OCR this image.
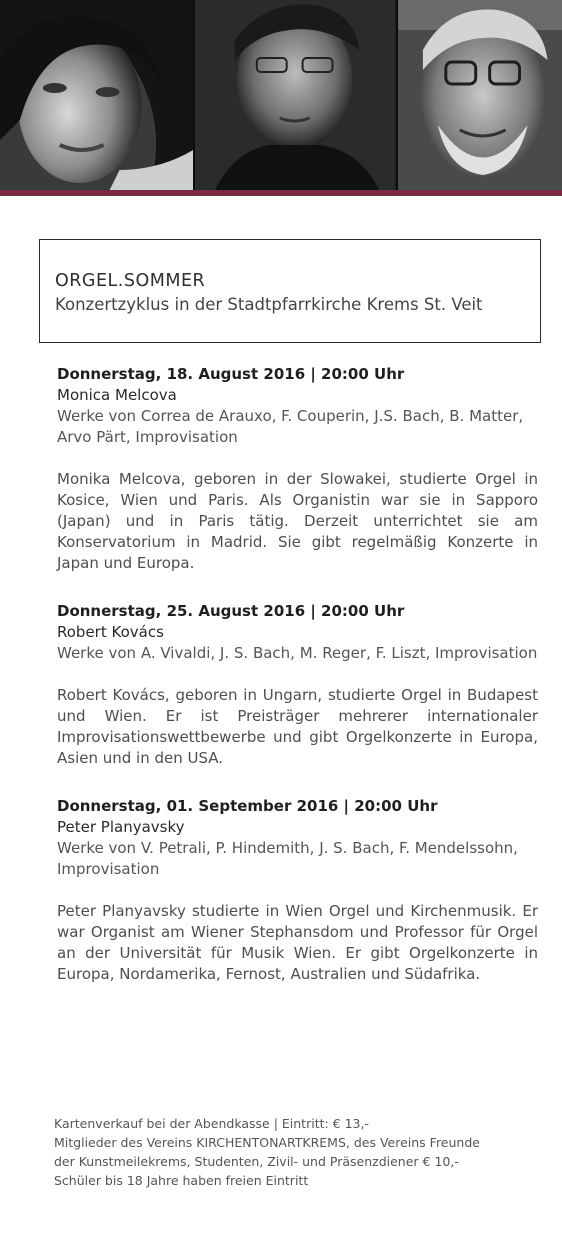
ORGEL.SOMMER
Konzertzyklus in der Stadtpfarrkirche Krems St. Veit
Donnerstag, 18. August 2016 | 20:00 Uhr
Monica Melcova
Werke von Correa de Arauxo, F. Couperin, J.S. Bach, B. Matter, Arvo Pärt, Improvisation
Monika Melcova, geboren in der Slowakei, studierte Orgel in Kosice, Wien und Paris. Als Organistin war sie in Sapporo (Japan) und in Paris tätig. Derzeit unterrichtet sie am Konservatorium in Madrid. Sie gibt regelmäßig Konzerte in Japan und Europa.
Donnerstag, 25. August 2016 | 20:00 Uhr
Robert Kovács
Werke von A. Vivaldi, J. S. Bach, M. Reger, F. Liszt, Improvisation
Robert Kovács, geboren in Ungarn, studierte Orgel in Budapest und Wien. Er ist Preisträger mehrerer internationaler Improvisationswettbewerbe und gibt Orgelkonzerte in Europa, Asien und in den USA.
Donnerstag, 01. September 2016 | 20:00 Uhr
Peter Planyavsky
Werke von V. Petrali, P. Hindemith, J. S. Bach, F. Mendelssohn, Improvisation
Peter Planyavsky studierte in Wien Orgel und Kirchenmusik. Er war Organist am Wiener Stephansdom und Professor für Orgel an der Universität für Musik Wien. Er gibt Orgelkonzerte in Europa, Nordamerika, Fernost, Australien und Südafrika.
Kartenverkauf bei der Abendkasse | Eintritt: € 13,-
Mitglieder des Vereins KIRCHENTONARTKREMS, des Vereins Freunde
der Kunstmeilekrems, Studenten, Zivil- und Präsenzdiener € 10,-
Schüler bis 18 Jahre haben freien Eintritt
